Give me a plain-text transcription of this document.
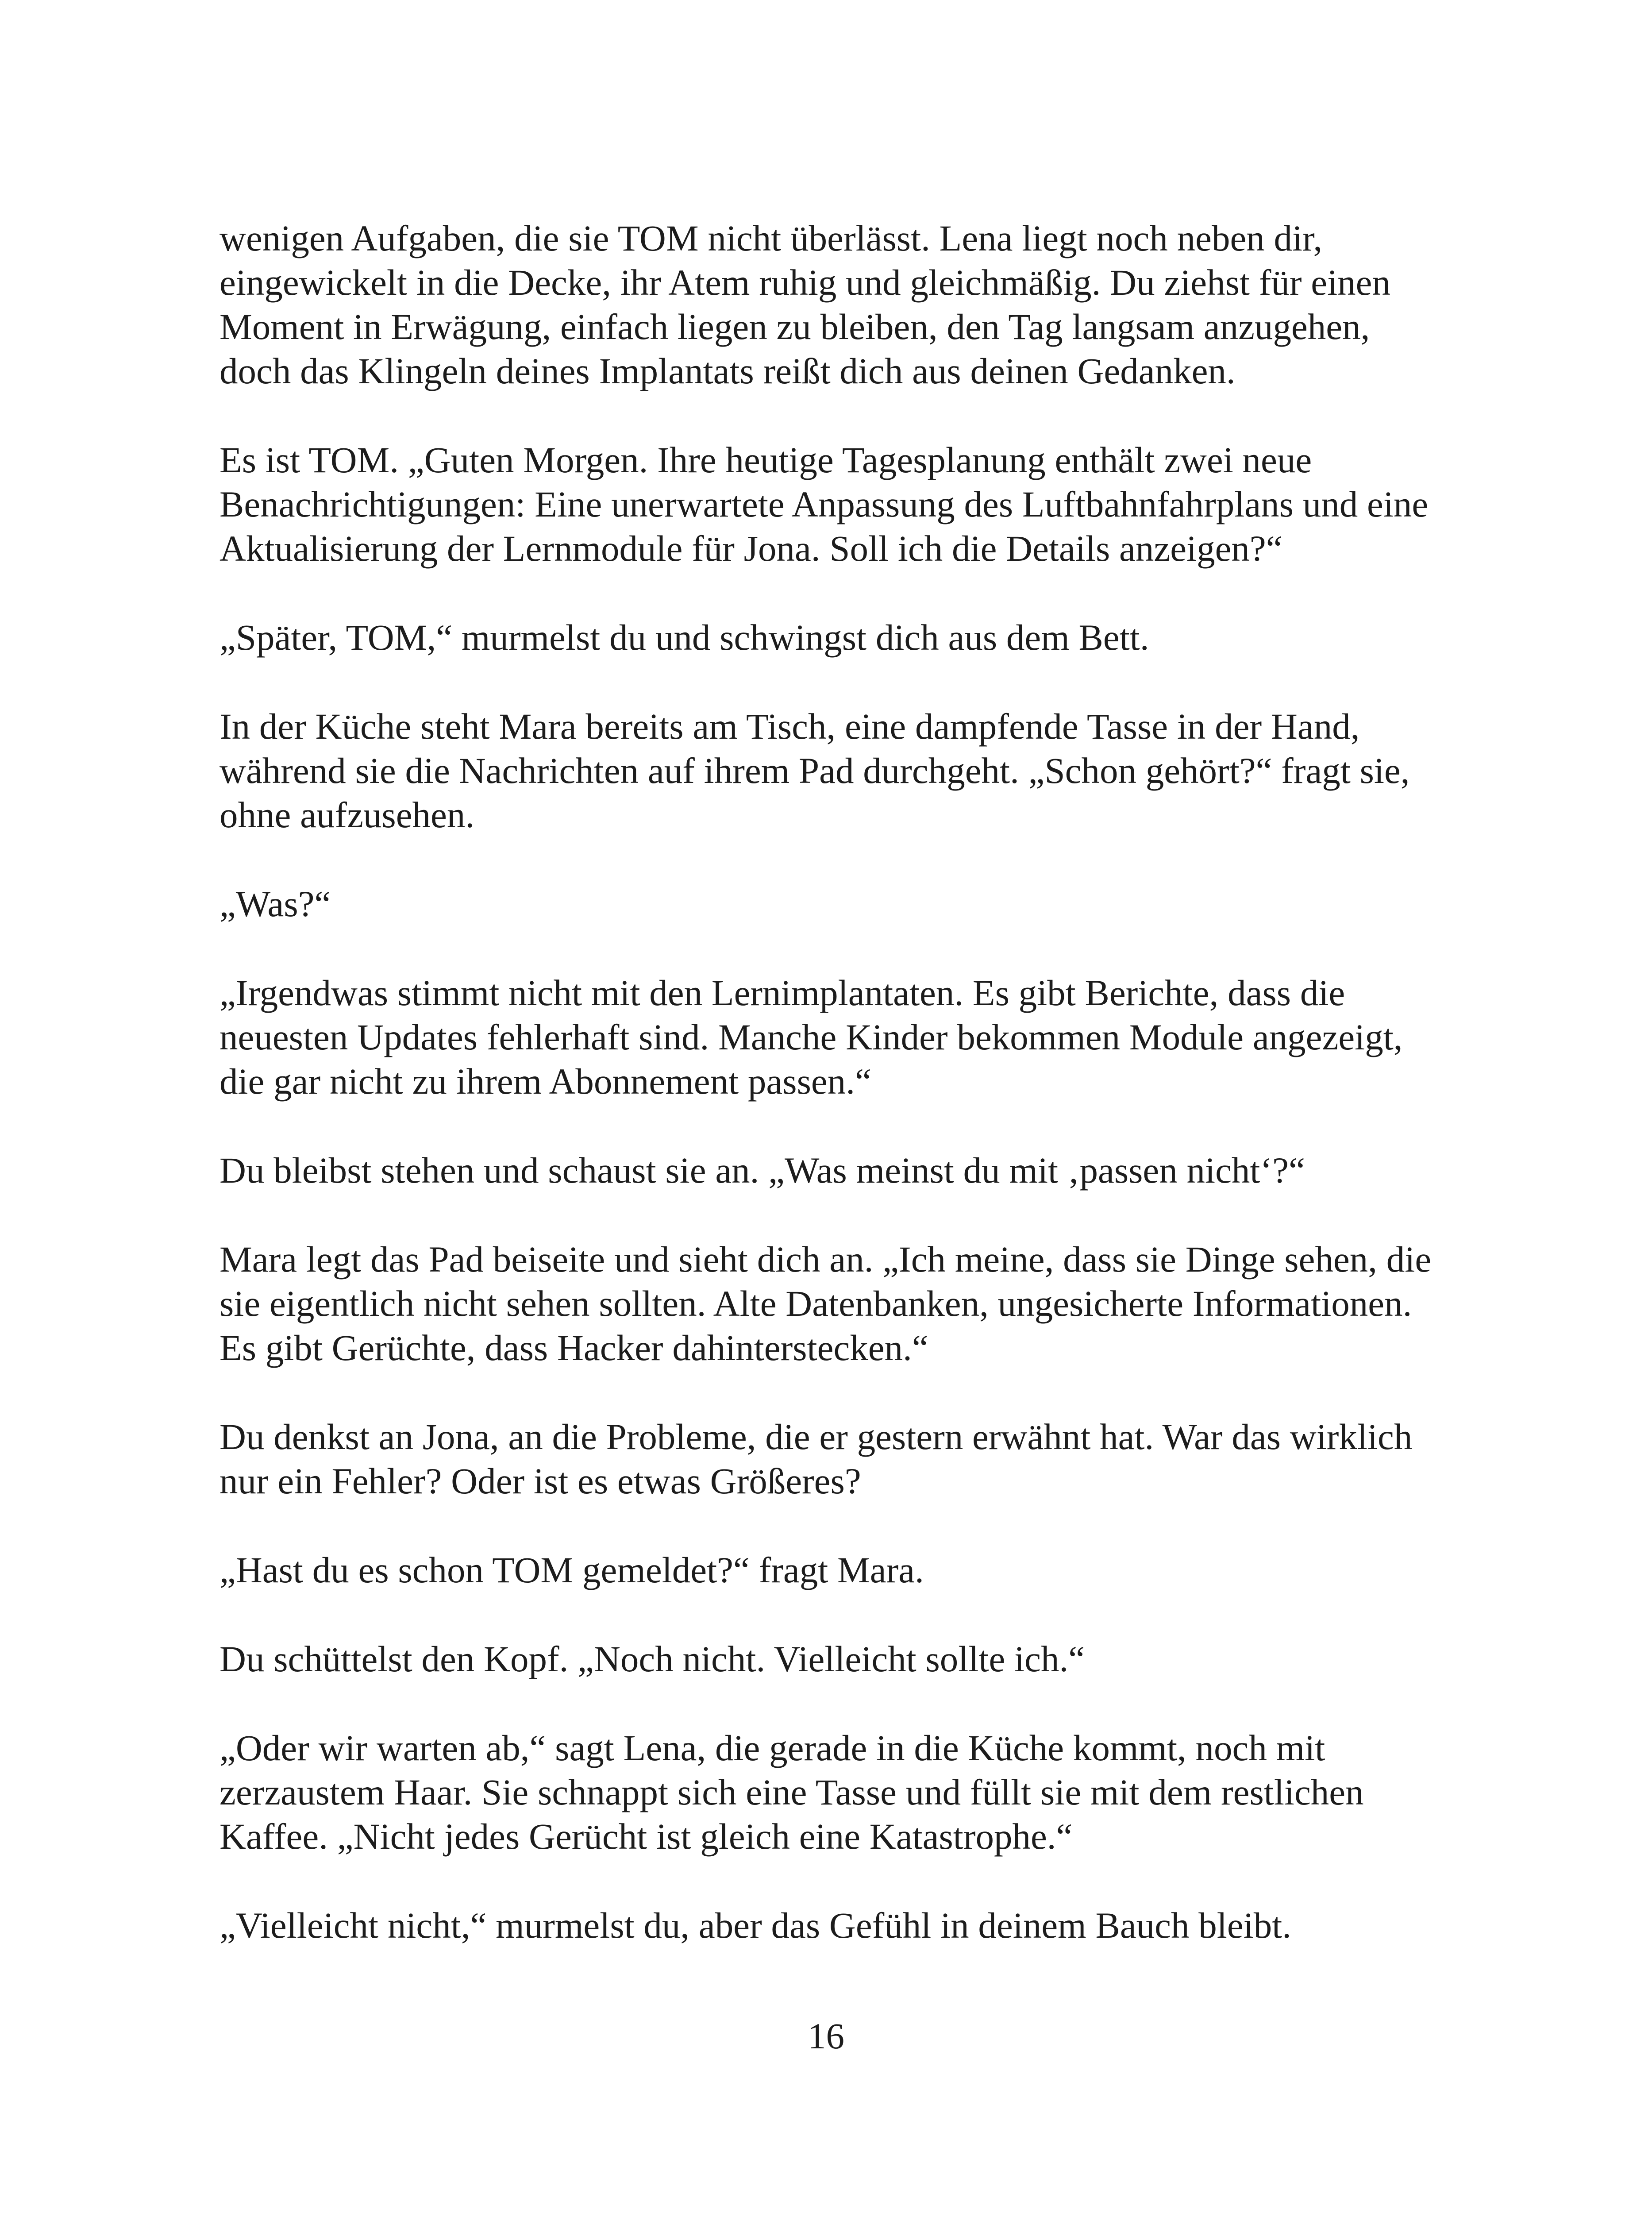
wenigen Aufgaben, die sie TOM nicht überlässt. Lena liegt noch neben dir, eingewickelt in die Decke, ihr Atem ruhig und gleichmäßig. Du ziehst für einen Moment in Erwägung, einfach liegen zu bleiben, den Tag langsam anzugehen, doch das Klingeln deines Implantats reißt dich aus deinen Gedanken.

Es ist TOM. „Guten Morgen. Ihre heutige Tagesplanung enthält zwei neue Benachrichtigungen: Eine unerwartete Anpassung des Luftbahnfahrplans und eine Aktualisierung der Lernmodule für Jona. Soll ich die Details anzeigen?“

„Später, TOM,“ murmelst du und schwingst dich aus dem Bett.

In der Küche steht Mara bereits am Tisch, eine dampfende Tasse in der Hand, während sie die Nachrichten auf ihrem Pad durchgeht. „Schon gehört?“ fragt sie, ohne aufzusehen.

„Was?“

„Irgendwas stimmt nicht mit den Lernimplantaten. Es gibt Berichte, dass die neuesten Updates fehlerhaft sind. Manche Kinder bekommen Module angezeigt, die gar nicht zu ihrem Abonnement passen.“

Du bleibst stehen und schaust sie an. „Was meinst du mit ‚passen nicht‘?“

Mara legt das Pad beiseite und sieht dich an. „Ich meine, dass sie Dinge sehen, die sie eigentlich nicht sehen sollten. Alte Datenbanken, ungesicherte Informationen. Es gibt Gerüchte, dass Hacker dahinterstecken.“

Du denkst an Jona, an die Probleme, die er gestern erwähnt hat. War das wirklich nur ein Fehler? Oder ist es etwas Größeres?

„Hast du es schon TOM gemeldet?“ fragt Mara.

Du schüttelst den Kopf. „Noch nicht. Vielleicht sollte ich.“

„Oder wir warten ab,“ sagt Lena, die gerade in die Küche kommt, noch mit zerzaustem Haar. Sie schnappt sich eine Tasse und füllt sie mit dem restlichen Kaffee. „Nicht jedes Gerücht ist gleich eine Katastrophe.“

„Vielleicht nicht,“ murmelst du, aber das Gefühl in deinem Bauch bleibt.

16
